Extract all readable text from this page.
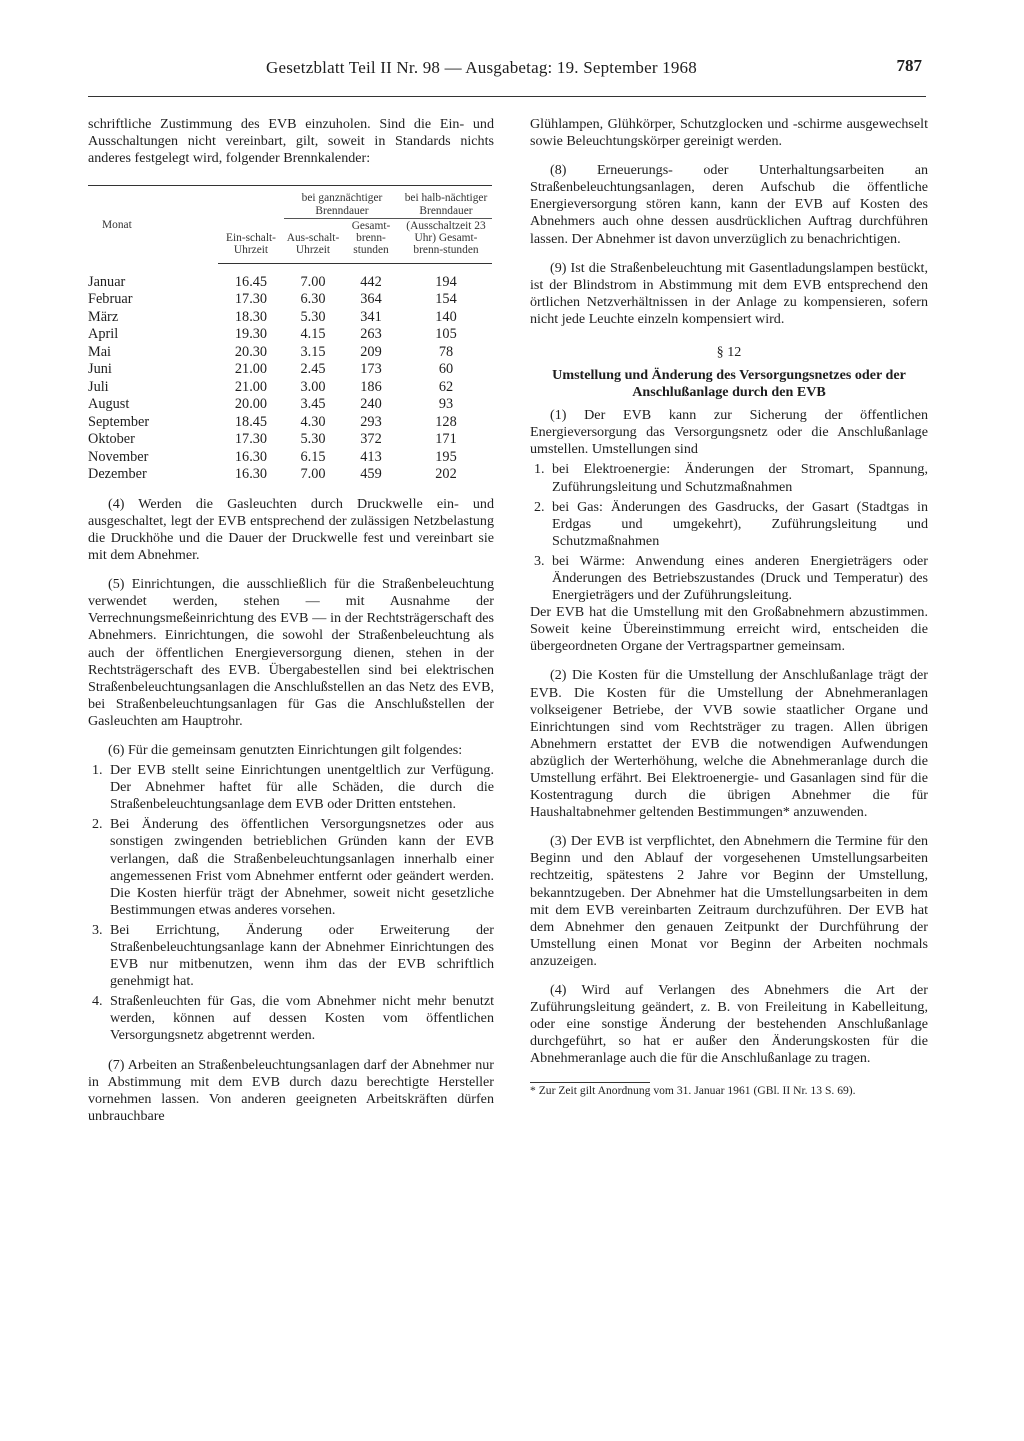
Gesetzblatt Teil II Nr. 98 — Ausgabetag: 19. September 1968	787

schriftliche Zustimmung des EVB einzuholen. Sind die Ein- und Ausschaltungen nicht vereinbart, gilt, soweit in Standards nichts anderes festgelegt wird, folgender Brennkalender:

Monat		bei ganznächtiger Brenndauer		bei halb-nächtiger Brenndauer
	Ein-schalt-Uhrzeit	Aus-schalt-Uhrzeit	Gesamt-brenn-stunden	(Ausschaltzeit 23 Uhr) Gesamt-brenn-stunden
Januar	16.45	7.00	442	194
Februar	17.30	6.30	364	154
März	18.30	5.30	341	140
April	19.30	4.15	263	105
Mai	20.30	3.15	209	78
Juni	21.00	2.45	173	60
Juli	21.00	3.00	186	62
August	20.00	3.45	240	93
September	18.45	4.30	293	128
Oktober	17.30	5.30	372	171
November	16.30	6.15	413	195
Dezember	16.30	7.00	459	202

(4) Werden die Gasleuchten durch Druckwelle ein- und ausgeschaltet, legt der EVB entsprechend der zulässigen Netzbelastung die Druckhöhe und die Dauer der Druckwelle fest und vereinbart sie mit dem Abnehmer.

(5) Einrichtungen, die ausschließlich für die Straßenbeleuchtung verwendet werden, stehen — mit Ausnahme der Verrechnungsmeßeinrichtung des EVB — in der Rechtsträgerschaft des Abnehmers. Einrichtungen, die sowohl der Straßenbeleuchtung als auch der öffentlichen Energieversorgung dienen, stehen in der Rechtsträgerschaft des EVB. Übergabestellen sind bei elektrischen Straßenbeleuchtungsanlagen die Anschlußstellen an das Netz des EVB, bei Straßenbeleuchtungsanlagen für Gas die Anschlußstellen der Gasleuchten am Hauptrohr.

(6) Für die gemeinsam genutzten Einrichtungen gilt folgendes:

1. Der EVB stellt seine Einrichtungen unentgeltlich zur Verfügung. Der Abnehmer haftet für alle Schäden, die durch die Straßenbeleuchtungsanlage dem EVB oder Dritten entstehen.
2. Bei Änderung des öffentlichen Versorgungsnetzes oder aus sonstigen zwingenden betrieblichen Gründen kann der EVB verlangen, daß die Straßenbeleuchtungsanlagen innerhalb einer angemessenen Frist vom Abnehmer entfernt oder geändert werden. Die Kosten hierfür trägt der Abnehmer, soweit nicht gesetzliche Bestimmungen etwas anderes vorsehen.
3. Bei Errichtung, Änderung oder Erweiterung der Straßenbeleuchtungsanlage kann der Abnehmer Einrichtungen des EVB nur mitbenutzen, wenn ihm das der EVB schriftlich genehmigt hat.
4. Straßenleuchten für Gas, die vom Abnehmer nicht mehr benutzt werden, können auf dessen Kosten vom öffentlichen Versorgungsnetz abgetrennt werden.

(7) Arbeiten an Straßenbeleuchtungsanlagen darf der Abnehmer nur in Abstimmung mit dem EVB durch dazu berechtigte Hersteller vornehmen lassen. Von anderen geeigneten Arbeitskräften dürfen unbrauchbare

Glühlampen, Glühkörper, Schutzglocken und -schirme ausgewechselt sowie Beleuchtungskörper gereinigt werden.

(8) Erneuerungs- oder Unterhaltungsarbeiten an Straßenbeleuchtungsanlagen, deren Aufschub die öffentliche Energieversorgung stören kann, kann der EVB auf Kosten des Abnehmers auch ohne dessen ausdrücklichen Auftrag durchführen lassen. Der Abnehmer ist davon unverzüglich zu benachrichtigen.

(9) Ist die Straßenbeleuchtung mit Gasentladungslampen bestückt, ist der Blindstrom in Abstimmung mit dem EVB entsprechend den örtlichen Netzverhältnissen in der Anlage zu kompensieren, sofern nicht jede Leuchte einzeln kompensiert wird.

§ 12
Umstellung und Änderung des Versorgungsnetzes oder der Anschlußanlage durch den EVB

(1) Der EVB kann zur Sicherung der öffentlichen Energieversorgung das Versorgungsnetz oder die Anschlußanlage umstellen. Umstellungen sind

1. bei Elektroenergie: Änderungen der Stromart, Spannung, Zuführungsleitung und Schutzmaßnahmen
2. bei Gas: Änderungen des Gasdrucks, der Gasart (Stadtgas in Erdgas und umgekehrt), Zuführungsleitung und Schutzmaßnahmen
3. bei Wärme: Anwendung eines anderen Energieträgers oder Änderungen des Betriebszustandes (Druck und Temperatur) des Energieträgers und der Zuführungsleitung.

Der EVB hat die Umstellung mit den Großabnehmern abzustimmen. Soweit keine Übereinstimmung erreicht wird, entscheiden die übergeordneten Organe der Vertragspartner gemeinsam.

(2) Die Kosten für die Umstellung der Anschlußanlage trägt der EVB. Die Kosten für die Umstellung der Abnehmeranlagen volkseigener Betriebe, der VVB sowie staatlicher Organe und Einrichtungen sind vom Rechtsträger zu tragen. Allen übrigen Abnehmern erstattet der EVB die notwendigen Aufwendungen abzüglich der Werterhöhung, welche die Abnehmeranlage durch die Umstellung erfährt. Bei Elektroenergie- und Gasanlagen sind für die Kostentragung durch die übrigen Abnehmer die für Haushaltabnehmer geltenden Bestimmungen* anzuwenden.

(3) Der EVB ist verpflichtet, den Abnehmern die Termine für den Beginn und den Ablauf der vorgesehenen Umstellungsarbeiten rechtzeitig, spätestens 2 Jahre vor Beginn der Umstellung, bekanntzugeben. Der Abnehmer hat die Umstellungsarbeiten in dem mit dem EVB vereinbarten Zeitraum durchzuführen. Der EVB hat dem Abnehmer den genauen Zeitpunkt der Durchführung der Umstellung einen Monat vor Beginn der Arbeiten nochmals anzuzeigen.

(4) Wird auf Verlangen des Abnehmers die Art der Zuführungsleitung geändert, z. B. von Freileitung in Kabelleitung, oder eine sonstige Änderung der bestehenden Anschlußanlage durchgeführt, so hat er außer den Änderungskosten für die Abnehmeranlage auch die für die Anschlußanlage zu tragen.

* Zur Zeit gilt Anordnung vom 31. Januar 1961 (GBl. II Nr. 13 S. 69).
